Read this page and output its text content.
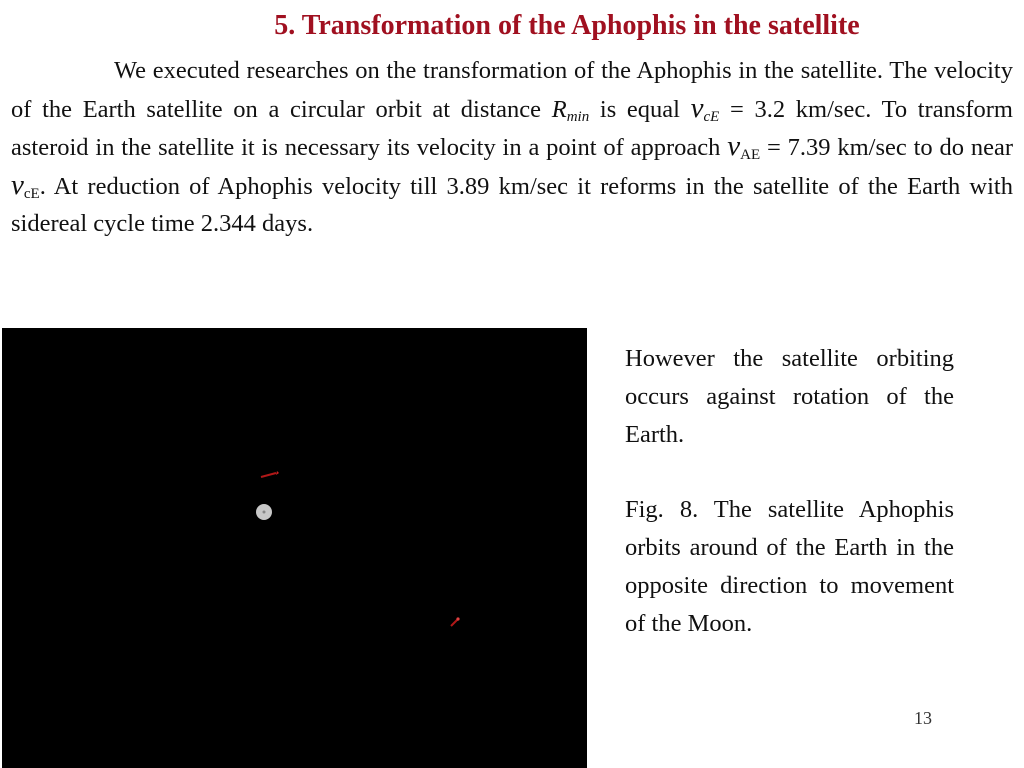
5. Transformation of the Aphophis in the satellite
We executed researches on the transformation of the Aphophis in the satellite. The velocity of the Earth satellite on a circular orbit at distance $R_{min}$ is equal $\nu_{cE} = 3.2$ km/sec. To transform asteroid in the satellite it is necessary its velocity in a point of approach $\nu_{AE} = 7.39$ km/sec to do near $\nu_{cE}$. At reduction of Aphophis velocity till 3.89 km/sec it reforms in the satellite of the Earth with sidereal cycle time 2.344 days.

However the satellite orbiting occurs against rotation of the Earth.

Fig. 8. The satellite Aphophis orbits around of the Earth in the opposite direction to movement of the Moon.

13
